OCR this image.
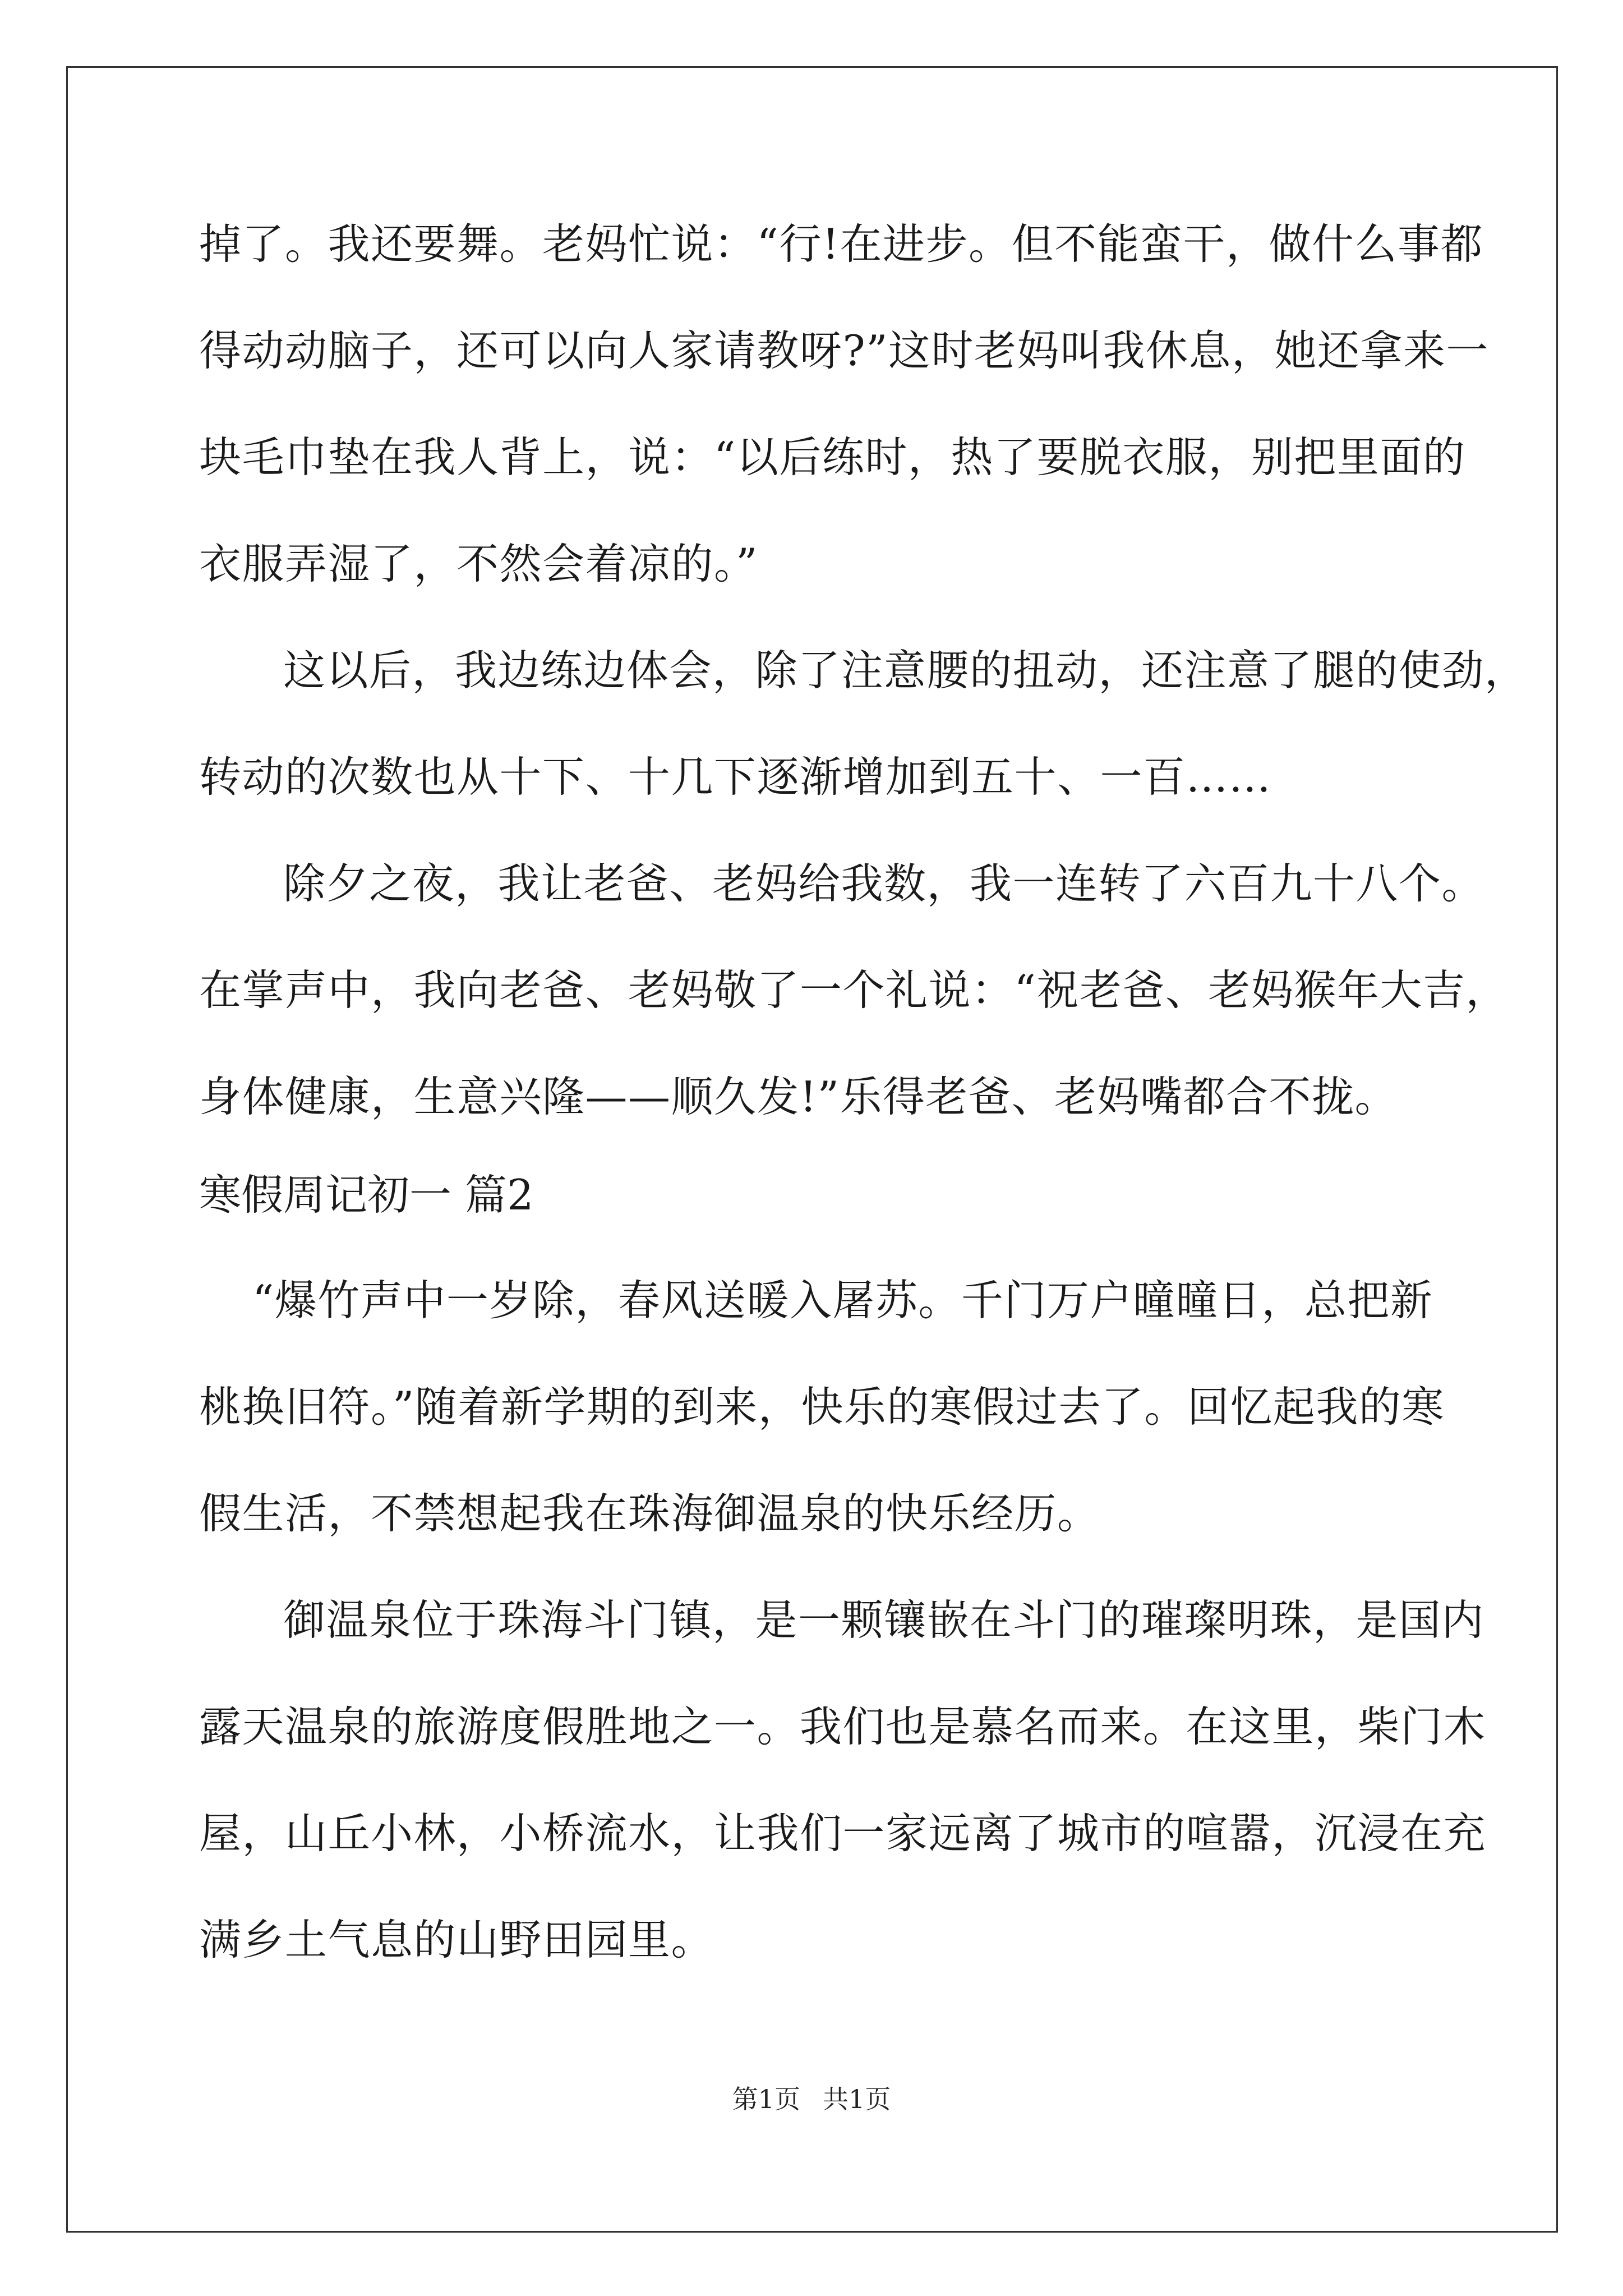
掉了。我还要舞。老妈忙说：“行!在进步。但不能蛮干，做什么事都
得动动脑子，还可以向人家请教呀?”这时老妈叫我休息，她还拿来一
块毛巾垫在我人背上，说：“以后练时，热了要脱衣服，别把里面的
衣服弄湿了，不然会着凉的。”
这以后，我边练边体会，除了注意腰的扭动，还注意了腿的使劲，
转动的次数也从十下、十几下逐渐增加到五十、一百……
除夕之夜，我让老爸、老妈给我数，我一连转了六百九十八个。
在掌声中，我向老爸、老妈敬了一个礼说：“祝老爸、老妈猴年大吉，
身体健康，生意兴隆——顺久发!”乐得老爸、老妈嘴都合不拢。
寒假周记初一 篇2
“爆竹声中一岁除，春风送暖入屠苏。千门万户曈曈日，总把新
桃换旧符。”随着新学期的到来，快乐的寒假过去了。回忆起我的寒
假生活，不禁想起我在珠海御温泉的快乐经历。
御温泉位于珠海斗门镇，是一颗镶嵌在斗门的璀璨明珠，是国内
露天温泉的旅游度假胜地之一。我们也是慕名而来。在这里，柴门木
屋，山丘小林，小桥流水，让我们一家远离了城市的喧嚣，沉浸在充
满乡土气息的山野田园里。
第1页 共1页
